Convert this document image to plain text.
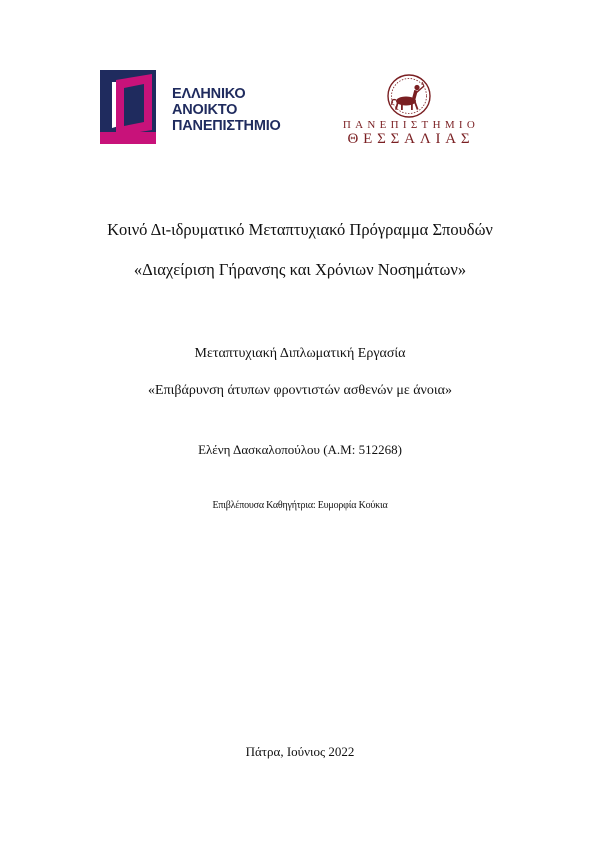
ΕΛΛΗΝΙΚΟ
ΑΝΟΙΚΤΟ
ΠΑΝΕΠΙΣΤΗΜΙΟ	ΠΑΝΕΠΙΣΤΗΜΙΟ
ΘΕΣΣΑΛΙΑΣ
Κοινό Δι-ιδρυματικό Μεταπτυχιακό Πρόγραμμα Σπουδών
«Διαχείριση Γήρανσης και Χρόνιων Νοσημάτων»
Μεταπτυχιακή Διπλωματική Εργασία
«Επιβάρυνση άτυπων φροντιστών ασθενών με άνοια»
Ελένη Δασκαλοπούλου (Α.Μ: 512268)
Επιβλέπουσα Καθηγήτρια: Ευμορφία Κούκια
Πάτρα, Ιούνιος 2022
